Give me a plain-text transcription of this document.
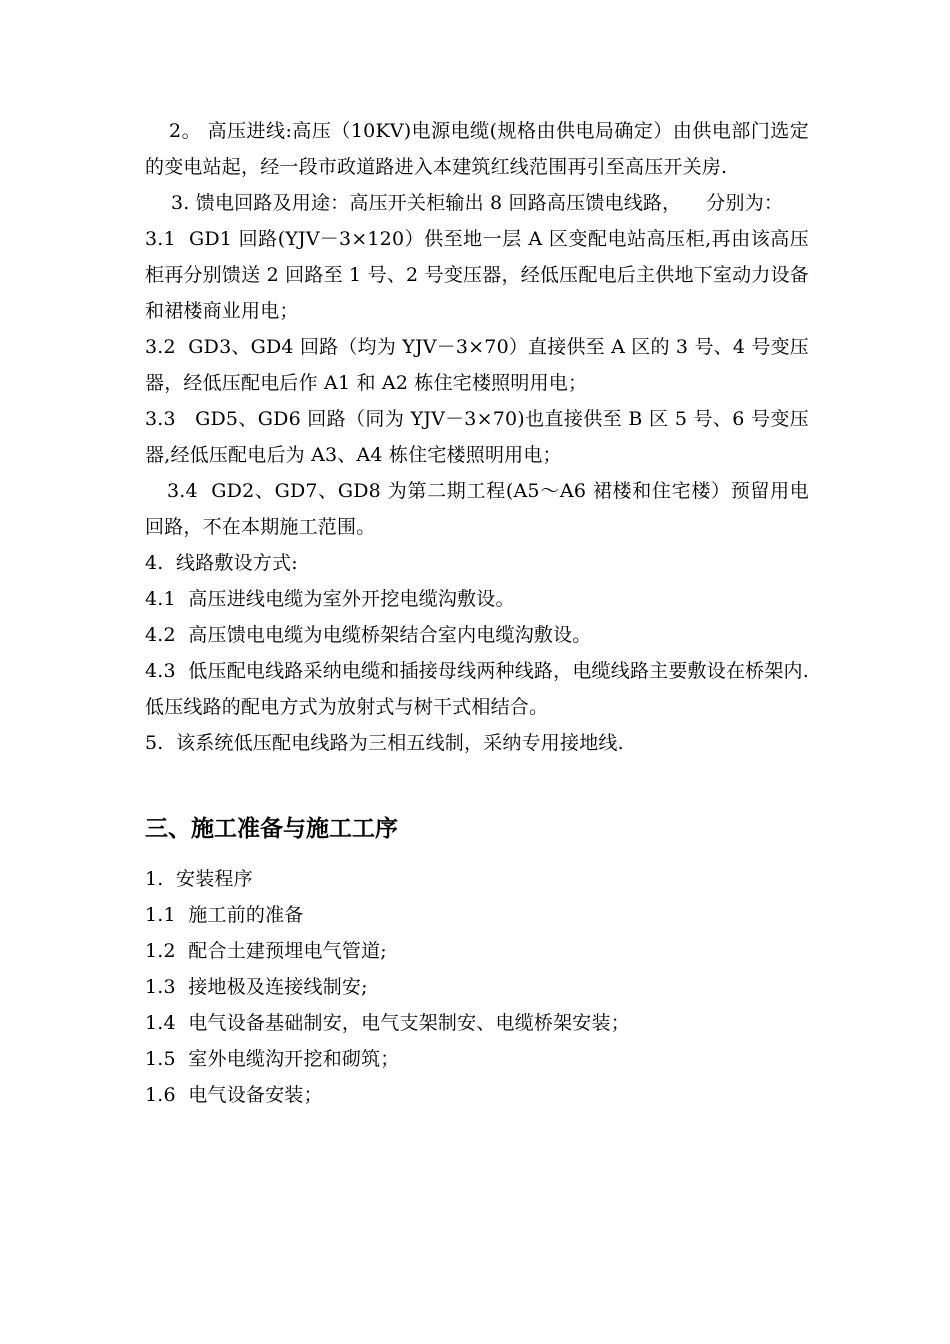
2。 高压进线:高压（10KV)电源电缆(规格由供电局确定）由供电部门选定的变电站起，经一段市政道路进入本建筑红线范围再引至高压开关房.

3. 馈电回路及用途：高压开关柜输出 8 回路高压馈电线路，    分别为：

3.1  GD1 回路(YJV－3×120）供至地一层 A 区变配电站高压柜,再由该高压柜再分别馈送 2 回路至 1 号、2 号变压器，经低压配电后主供地下室动力设备和裙楼商业用电；

3.2  GD3、GD4 回路（均为 YJV－3×70）直接供至 A 区的 3 号、4 号变压器，经低压配电后作 A1 和 A2 栋住宅楼照明用电；

3.3   GD5、GD6 回路（同为 YJV－3×70)也直接供至 B 区 5 号、6 号变压器,经低压配电后为 A3、A4 栋住宅楼照明用电；

3.4  GD2、GD7、GD8 为第二期工程(A5～A6 裙楼和住宅楼）预留用电回路，不在本期施工范围。

4.  线路敷设方式:

4.1  高压进线电缆为室外开挖电缆沟敷设。

4.2  高压馈电电缆为电缆桥架结合室内电缆沟敷设。

4.3  低压配电线路采纳电缆和插接母线两种线路，电缆线路主要敷设在桥架内.低压线路的配电方式为放射式与树干式相结合。

5.  该系统低压配电线路为三相五线制，采纳专用接地线.

三、施工准备与施工工序

1.  安装程序

1.1  施工前的准备

1.2  配合土建预埋电气管道;

1.3  接地极及连接线制安;

1.4  电气设备基础制安，电气支架制安、电缆桥架安装；

1.5  室外电缆沟开挖和砌筑；

1.6  电气设备安装；
